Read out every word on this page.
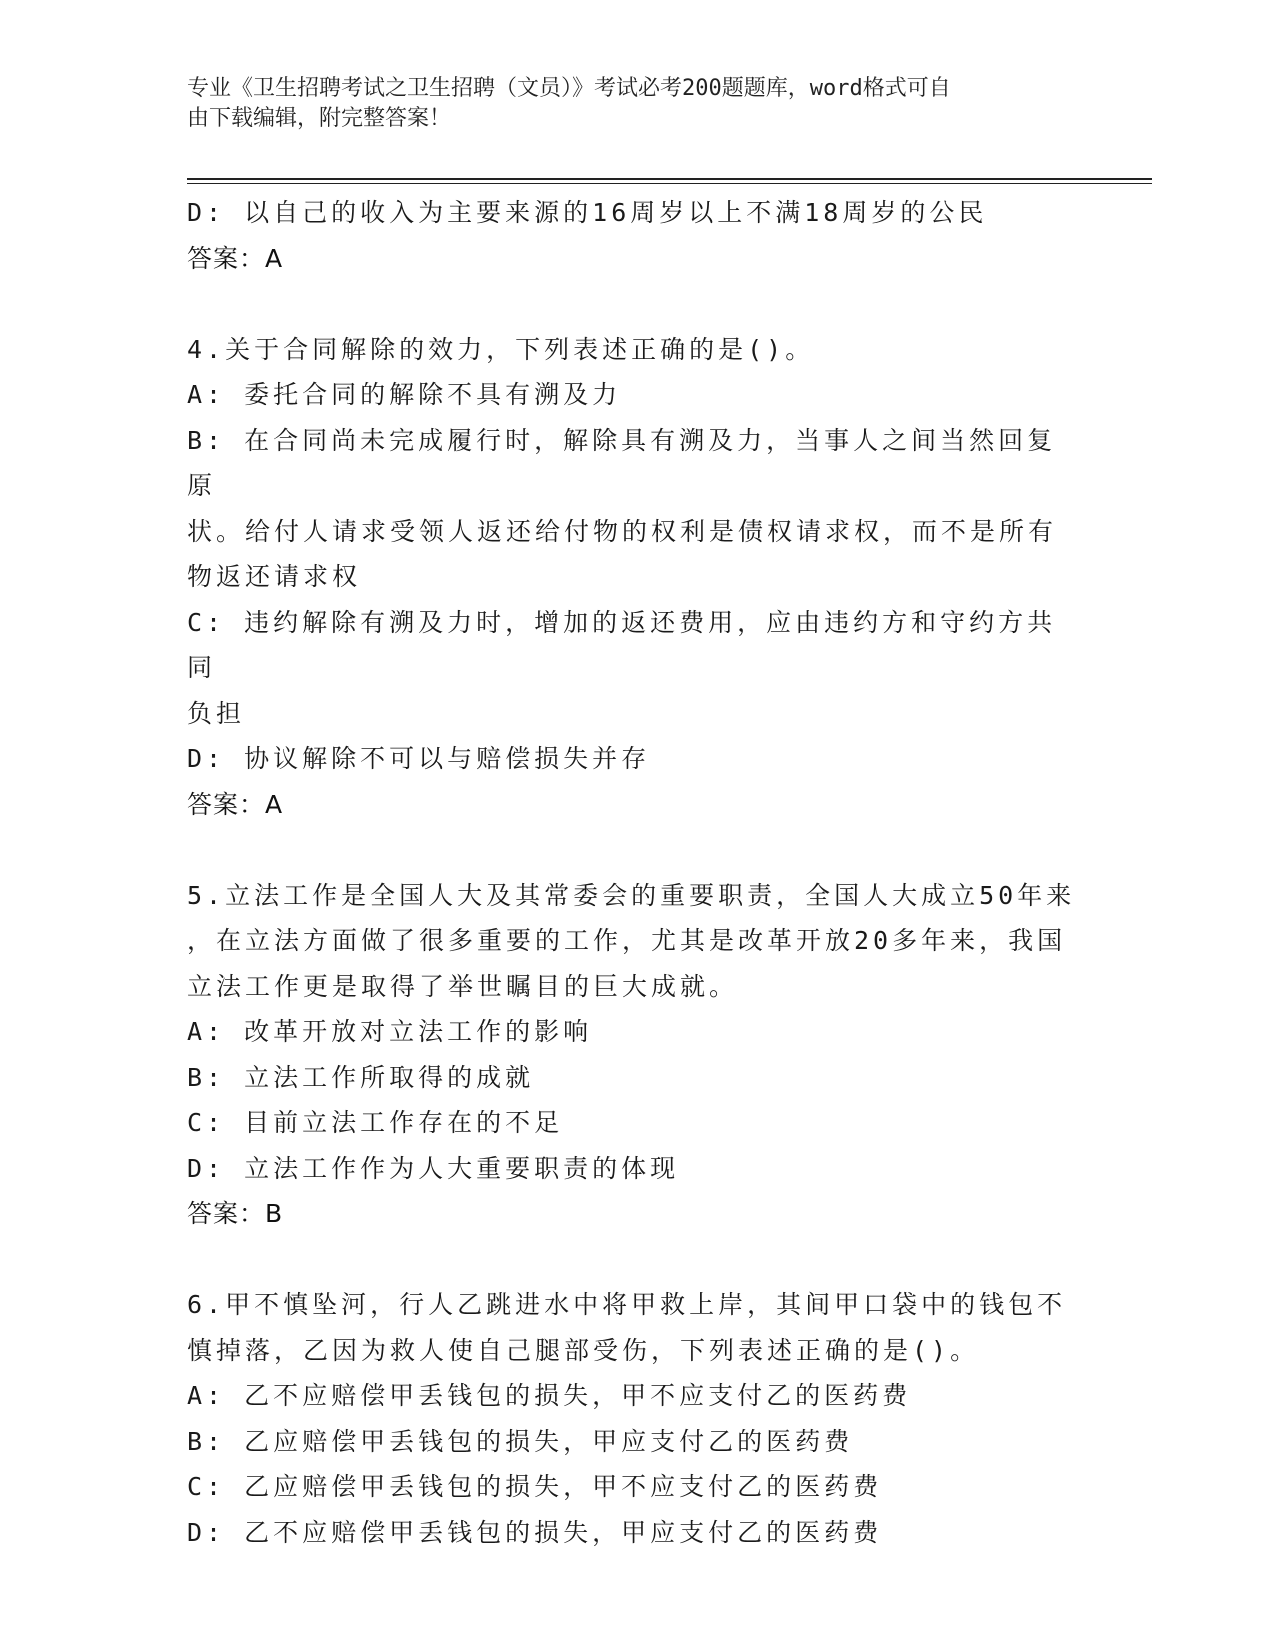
专业《卫生招聘考试之卫生招聘（文员）》考试必考200题题库，word格式可自
由下载编辑，附完整答案！
D: 以自己的收入为主要来源的16周岁以上不满18周岁的公民
答案：A
4.关于合同解除的效力，下列表述正确的是()。
A: 委托合同的解除不具有溯及力
B: 在合同尚未完成履行时，解除具有溯及力，当事人之间当然回复原
状。给付人请求受领人返还给付物的权利是债权请求权，而不是所有
物返还请求权
C: 违约解除有溯及力时，增加的返还费用，应由违约方和守约方共同
负担
D: 协议解除不可以与赔偿损失并存
答案：A
5.立法工作是全国人大及其常委会的重要职责，全国人大成立50年来
，在立法方面做了很多重要的工作，尤其是改革开放20多年来，我国
立法工作更是取得了举世瞩目的巨大成就。
A: 改革开放对立法工作的影响
B: 立法工作所取得的成就
C: 目前立法工作存在的不足
D: 立法工作作为人大重要职责的体现
答案：B
6.甲不慎坠河，行人乙跳进水中将甲救上岸，其间甲口袋中的钱包不
慎掉落，乙因为救人使自己腿部受伤，下列表述正确的是()。
A: 乙不应赔偿甲丢钱包的损失，甲不应支付乙的医药费
B: 乙应赔偿甲丢钱包的损失，甲应支付乙的医药费
C: 乙应赔偿甲丢钱包的损失，甲不应支付乙的医药费
D: 乙不应赔偿甲丢钱包的损失，甲应支付乙的医药费
